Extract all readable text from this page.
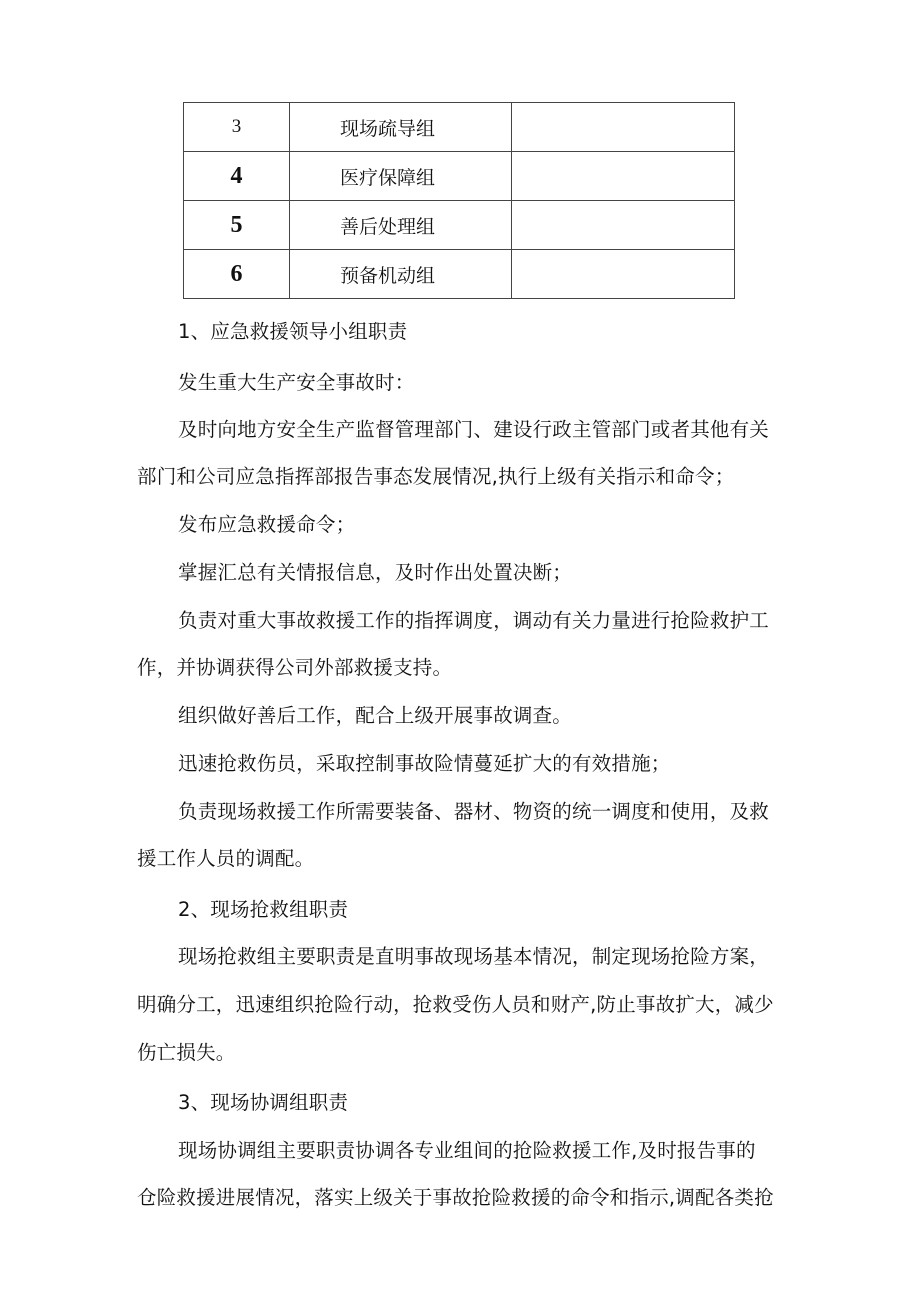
3	现场疏导组	
4	医疗保障组	
5	善后处理组	
6	预备机动组	
1、应急救援领导小组职责
发生重大生产安全事故时：
及时向地方安全生产监督管理部门、建设行政主管部门或者其他有关
部门和公司应急指挥部报告事态发展情况,执行上级有关指示和命令；
发布应急救援命令；
掌握汇总有关情报信息，及时作出处置决断；
负责对重大事故救援工作的指挥调度，调动有关力量进行抢险救护工
作，并协调获得公司外部救援支持。
组织做好善后工作，配合上级开展事故调查。
迅速抢救伤员，采取控制事故险情蔓延扩大的有效措施；
负责现场救援工作所需要装备、器材、物资的统一调度和使用，及救
援工作人员的调配。
2、现场抢救组职责
现场抢救组主要职责是直明事故现场基本情况，制定现场抢险方案，
明确分工，迅速组织抢险行动，抢救受伤人员和财产,防止事故扩大，减少
伤亡损失。
3、现场协调组职责
现场协调组主要职责协调各专业组间的抢险救援工作,及时报告事的
仓险救援进展情况，落实上级关于事故抢险救援的命令和指示,调配各类抢
